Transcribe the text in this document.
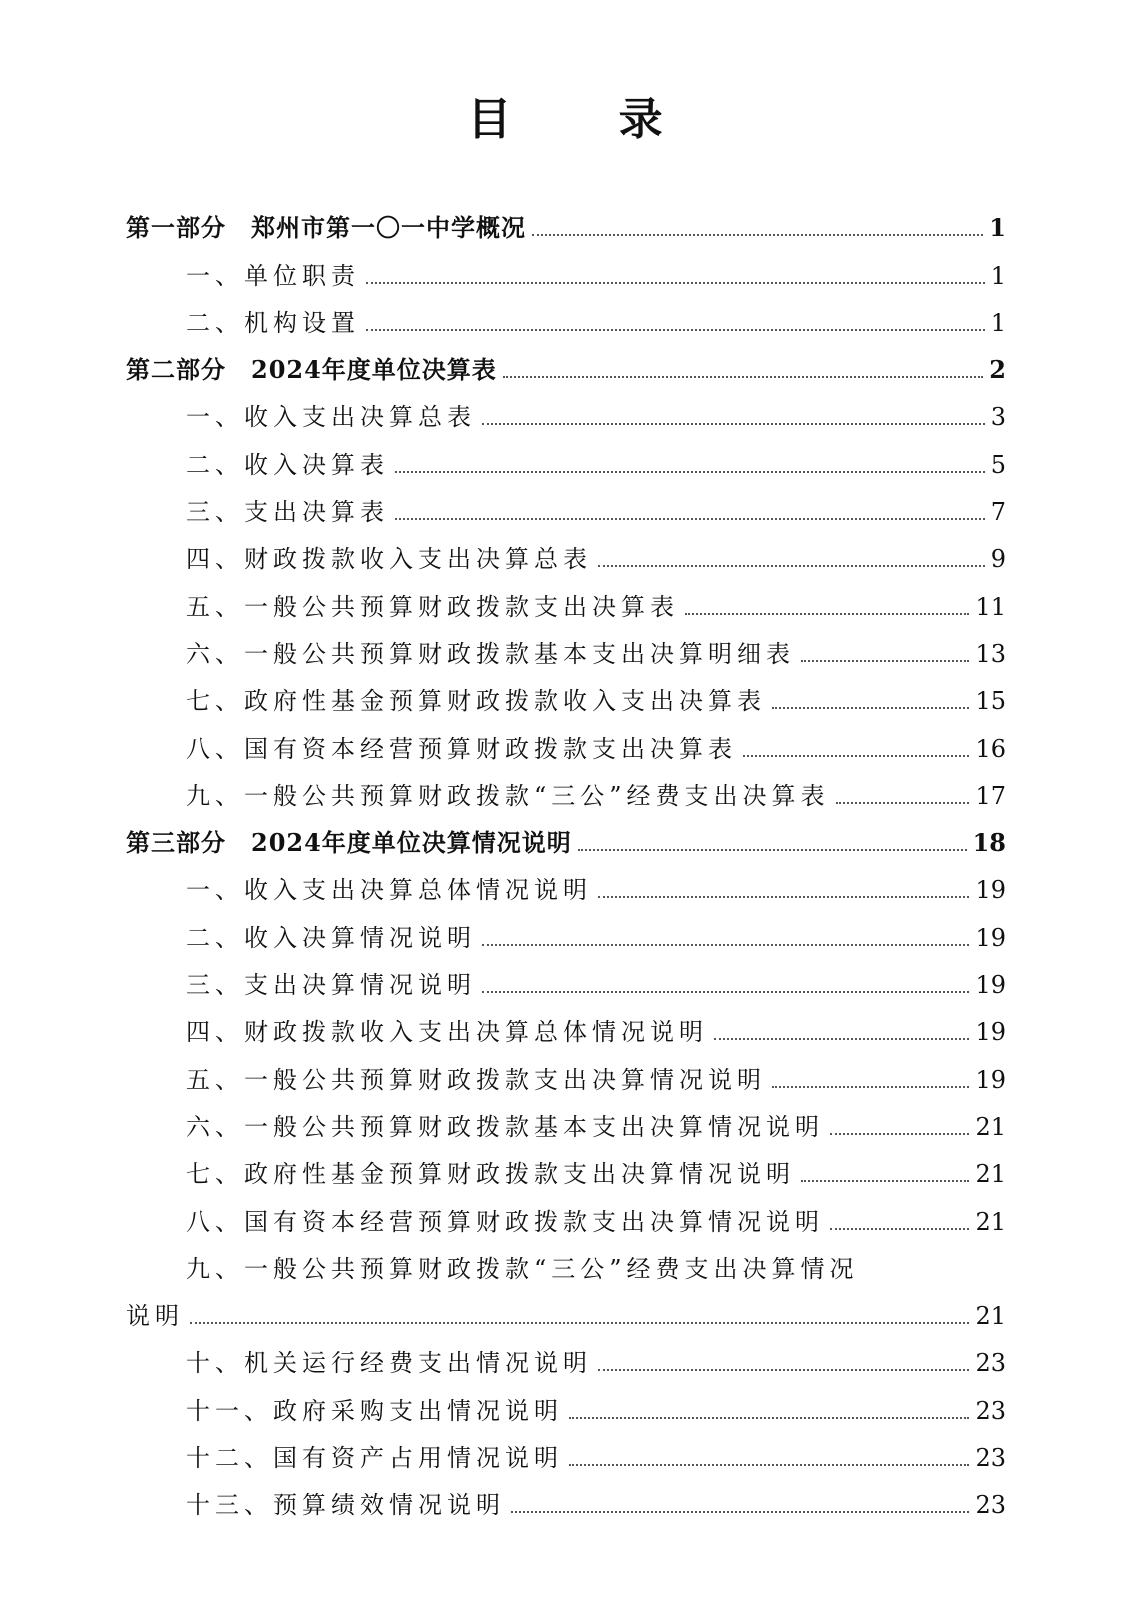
目 录
第一部分　郑州市第一〇一中学概况	1
一、单位职责	1
二、机构设置	1
第二部分　2024年度单位决算表	2
一、收入支出决算总表	3
二、收入决算表	5
三、支出决算表	7
四、财政拨款收入支出决算总表	9
五、一般公共预算财政拨款支出决算表	11
六、一般公共预算财政拨款基本支出决算明细表	13
七、政府性基金预算财政拨款收入支出决算表	15
八、国有资本经营预算财政拨款支出决算表	16
九、一般公共预算财政拨款“三公”经费支出决算表	17
第三部分　2024年度单位决算情况说明	18
一、收入支出决算总体情况说明	19
二、收入决算情况说明	19
三、支出决算情况说明	19
四、财政拨款收入支出决算总体情况说明	19
五、一般公共预算财政拨款支出决算情况说明	19
六、一般公共预算财政拨款基本支出决算情况说明	21
七、政府性基金预算财政拨款支出决算情况说明	21
八、国有资本经营预算财政拨款支出决算情况说明	21
九、一般公共预算财政拨款“三公”经费支出决算情况
说明	21
十、机关运行经费支出情况说明	23
十一、政府采购支出情况说明	23
十二、国有资产占用情况说明	23
十三、预算绩效情况说明	23
